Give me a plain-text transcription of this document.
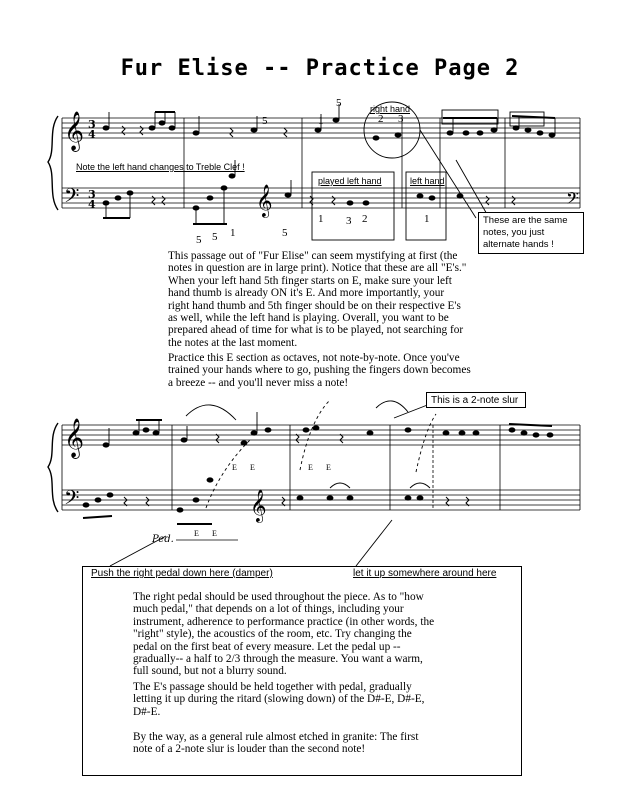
Fur Elise -- Practice Page 2
𝄞
𝄢
𝄞
𝄢
𝄞
𝄞
𝄢
3
4
3
4
Ped.
E E	E E
E E
5	1
5
2 3
5 5 1	5
1 3 2	1
Note the left hand changes to Treble Clef !
right hand
played left hand	left hand
These are the same
notes, you just
alternate hands !
This is a 2-note slur
This passage out of "Fur Elise" can seem mystifying at first (the
notes in question are in large print). Notice that these are all "E's."
When your left hand 5th finger starts on E, make sure your left
hand thumb is already ON it's E. And more importantly, your
right hand thumb and 5th finger should be on their respective E's
as well, while the left hand is playing. Overall, you want to be
prepared ahead of time for what is to be played, not searching for
the notes at the last moment.
Practice this E section as octaves, not note-by-note. Once you've
trained your hands where to go, pushing the fingers down becomes
a breeze -- and you'll never miss a note!
Push the right pedal down here (damper)	let it up somewhere around here
The right pedal should be used throughout the piece. As to "how
much pedal," that depends on a lot of things, including your
instrument, adherence to performance practice (in other words, the
"right" style), the acoustics of the room, etc. Try changing the
pedal on the first beat of every measure. Let the pedal up --
gradually-- a half to 2/3 through the measure. You want a warm,
full sound, but not a blurry sound.
The E's passage should be held together with pedal, gradually
letting it up during the ritard (slowing down) of the D#-E, D#-E,
D#-E.
By the way, as a general rule almost etched in granite: The first
note of a 2-note slur is louder than the second note!
